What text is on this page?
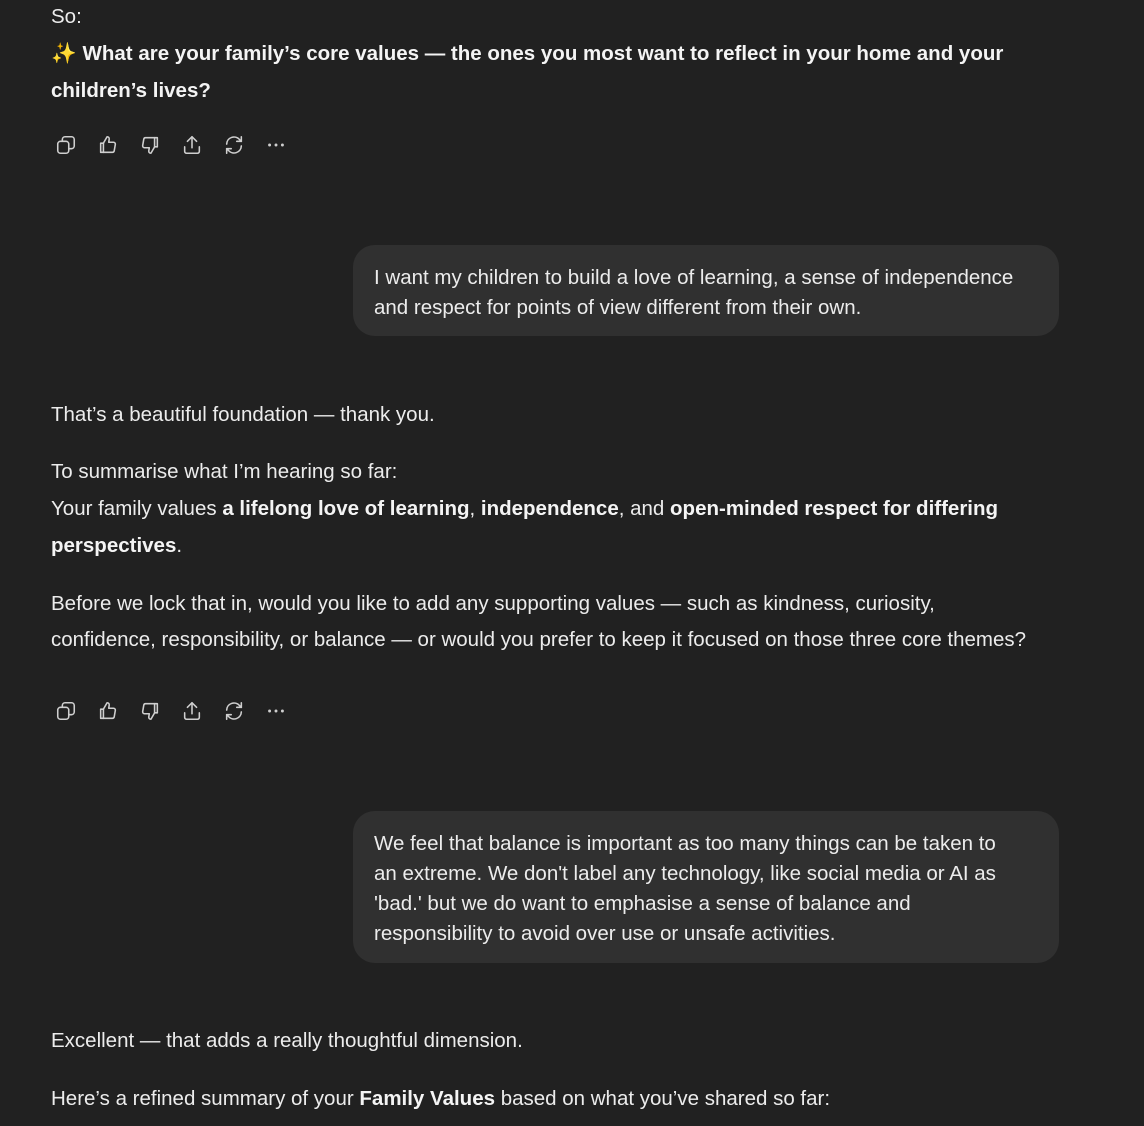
So:
✨ What are your family’s core values — the ones you most want to reflect in your home and your
children’s lives?
I want my children to build a love of learning, a sense of independence
and respect for points of view different from their own.
That’s a beautiful foundation — thank you.
To summarise what I’m hearing so far:
Your family values a lifelong love of learning, independence, and open-minded respect for differing
perspectives.
Before we lock that in, would you like to add any supporting values — such as kindness, curiosity,
confidence, responsibility, or balance — or would you prefer to keep it focused on those three core themes?
We feel that balance is important as too many things can be taken to
an extreme. We don't label any technology, like social media or AI as
'bad.' but we do want to emphasise a sense of balance and
responsibility to avoid over use or unsafe activities.
Excellent — that adds a really thoughtful dimension.
Here’s a refined summary of your Family Values based on what you’ve shared so far:
